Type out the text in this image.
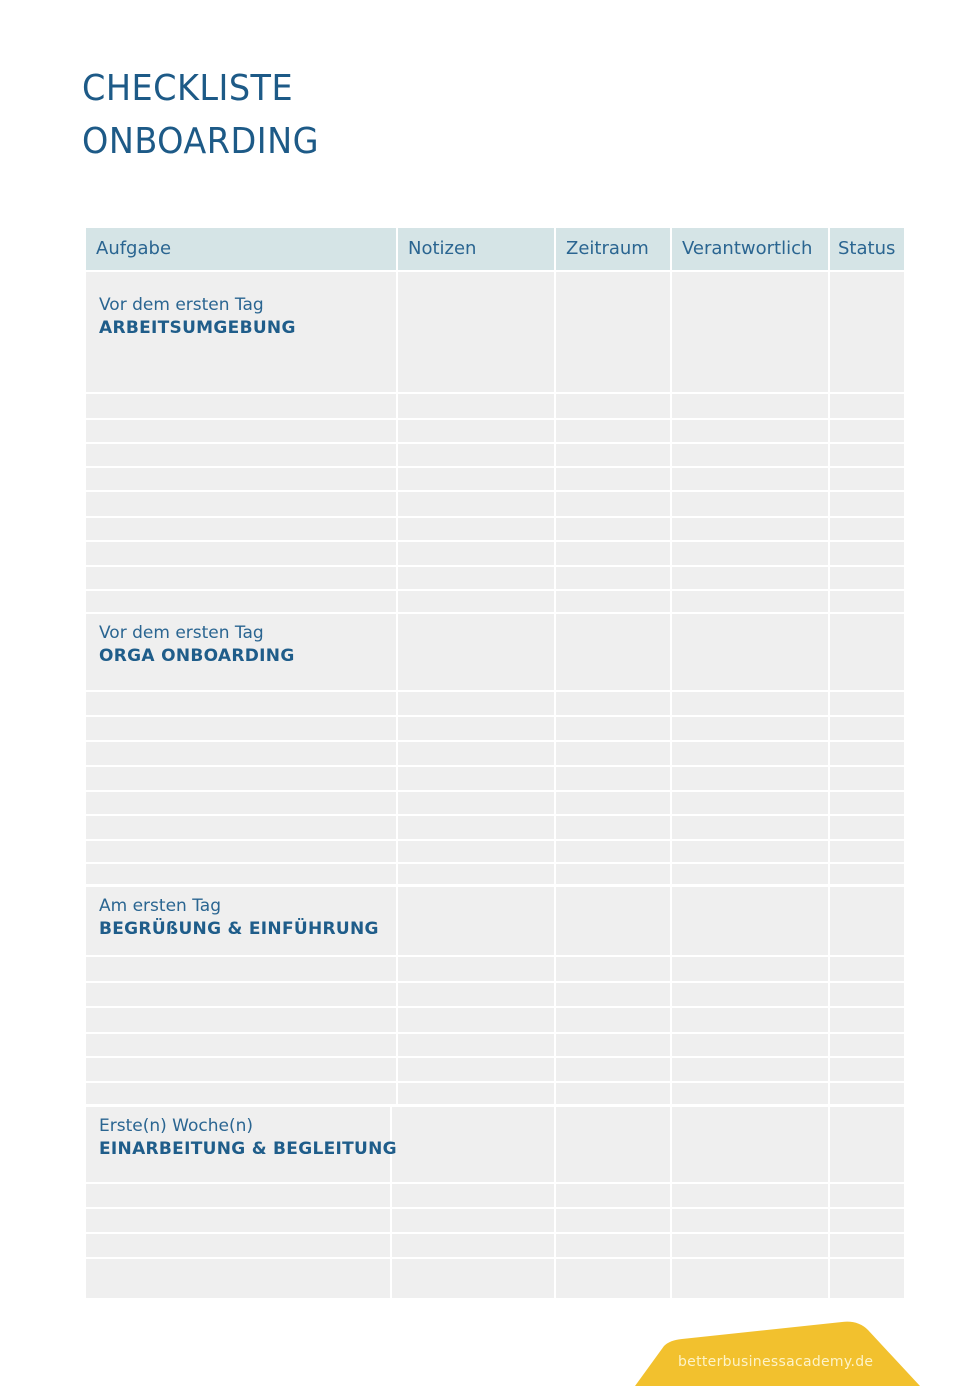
CHECKLISTE
ONBOARDING
Aufgabe	Notizen	Zeitraum	Verantwortlich	Status
Vor dem ersten Tag
ARBEITSUMGEBUNG
Vor dem ersten Tag
ORGA ONBOARDING
Am ersten Tag
BEGRÜßUNG & EINFÜHRUNG
Erste(n) Woche(n)
EINARBEITUNG & BEGLEITUNG
betterbusinessacademy.de
